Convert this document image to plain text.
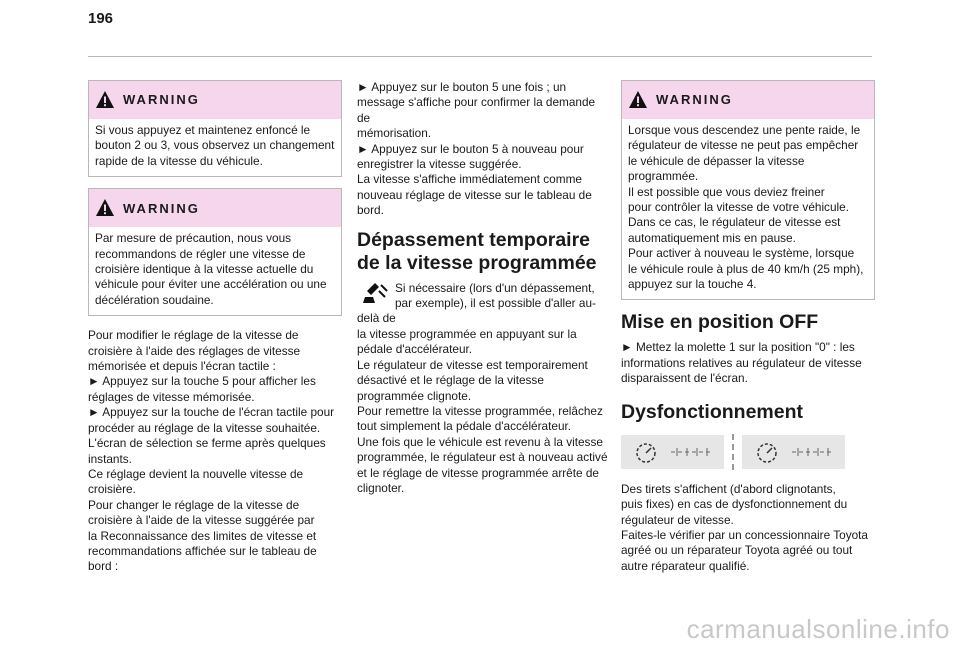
196
WARNING
Si vous appuyez et maintenez enfoncé le bouton 2 ou 3, vous observez un changement rapide de la vitesse du véhicule.
WARNING
Par mesure de précaution, nous vous recommandons de régler une vitesse de croisière identique à la vitesse actuelle du véhicule pour éviter une accélération ou une décélération soudaine.
Pour modifier le réglage de la vitesse de
croisière à l'aide des réglages de vitesse
mémorisée et depuis l'écran tactile :
► Appuyez sur la touche 5 pour afficher les
réglages de vitesse mémorisée.
► Appuyez sur la touche de l'écran tactile pour
procéder au réglage de la vitesse souhaitée.
L'écran de sélection se ferme après quelques
instants.
Ce réglage devient la nouvelle vitesse de
croisière.
Pour changer le réglage de la vitesse de
croisière à l'aide de la vitesse suggérée par
la Reconnaissance des limites de vitesse et
recommandations affichée sur le tableau de
bord :
► Appuyez sur le bouton 5 une fois ; un
message s'affiche pour confirmer la demande de
mémorisation.
► Appuyez sur le bouton 5 à nouveau pour
enregistrer la vitesse suggérée.
La vitesse s'affiche immédiatement comme
nouveau réglage de vitesse sur le tableau de
bord.
Dépassement temporaire de la vitesse programmée
Si nécessaire (lors d'un dépassement, par exemple), il est possible d'aller au-delà de
la vitesse programmée en appuyant sur la
pédale d'accélérateur.
Le régulateur de vitesse est temporairement
désactivé et le réglage de la vitesse
programmée clignote.
Pour remettre la vitesse programmée, relâchez
tout simplement la pédale d'accélérateur.
Une fois que le véhicule est revenu à la vitesse
programmée, le régulateur est à nouveau activé
et le réglage de vitesse programmée arrête de
clignoter.
WARNING
Lorsque vous descendez une pente raide, le
régulateur de vitesse ne peut pas empêcher
le véhicule de dépasser la vitesse
programmée.
Il est possible que vous deviez freiner
pour contrôler la vitesse de votre véhicule.
Dans ce cas, le régulateur de vitesse est
automatiquement mis en pause.
Pour activer à nouveau le système, lorsque
le véhicule roule à plus de 40 km/h (25 mph),
appuyez sur la touche 4.
Mise en position OFF
► Mettez la molette 1 sur la position "0" : les
informations relatives au régulateur de vitesse
disparaissent de l'écran.
Dysfonctionnement
Des tirets s'affichent (d'abord clignotants,
puis fixes) en cas de dysfonctionnement du
régulateur de vitesse.
Faites-le vérifier par un concessionnaire Toyota
agréé ou un réparateur Toyota agréé ou tout
autre réparateur qualifié.
carmanualsonline.info
